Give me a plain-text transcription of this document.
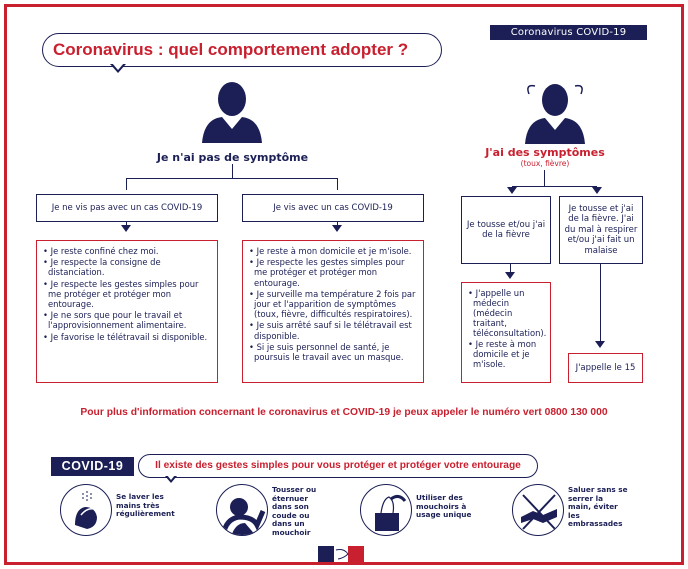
Coronavirus COVID-19
Coronavirus : quel comportement adopter ?
Je n'ai pas de symptôme	J'ai des symptômes
(toux, fièvre)
Je ne vis pas avec un cas COVID-19	Je vis avec un cas COVID-19
• Je reste confiné chez moi.
• Je respecte la consigne de distanciation.
• Je respecte les gestes simples pour me protéger et protéger mon entourage.
• Je ne sors que pour le travail et l'approvisionnement alimentaire.
• Je favorise le télétravail si disponible.
• Je reste à mon domicile et je m'isole.
• Je respecte les gestes simples pour me protéger et protéger mon entourage.
• Je surveille ma température 2 fois par jour et l'apparition de symptômes (toux, fièvre, difficultés respiratoires).
• Je suis arrêté sauf si le télétravail est disponible.
• Si je suis personnel de santé, je poursuis le travail avec un masque.
Je tousse et/ou j'ai de la fièvre
Je tousse et j'ai de la fièvre. J'ai du mal à respirer et/ou j'ai fait un malaise
• J'appelle un médecin (médecin traitant, téléconsultation).
• Je reste à mon domicile et je m'isole.	J'appelle le 15
Pour plus d'information concernant le coronavirus et COVID-19 je peux appeler le numéro vert 0800 130 000
COVID-19	Il existe des gestes simples pour vous protéger et protéger votre entourage
Se laver les mains très régulièrement
Tousser ou éternuer dans son coude ou dans un mouchoir
Utiliser des mouchoirs à usage unique
Saluer sans se serrer la main, éviter les embrassades
